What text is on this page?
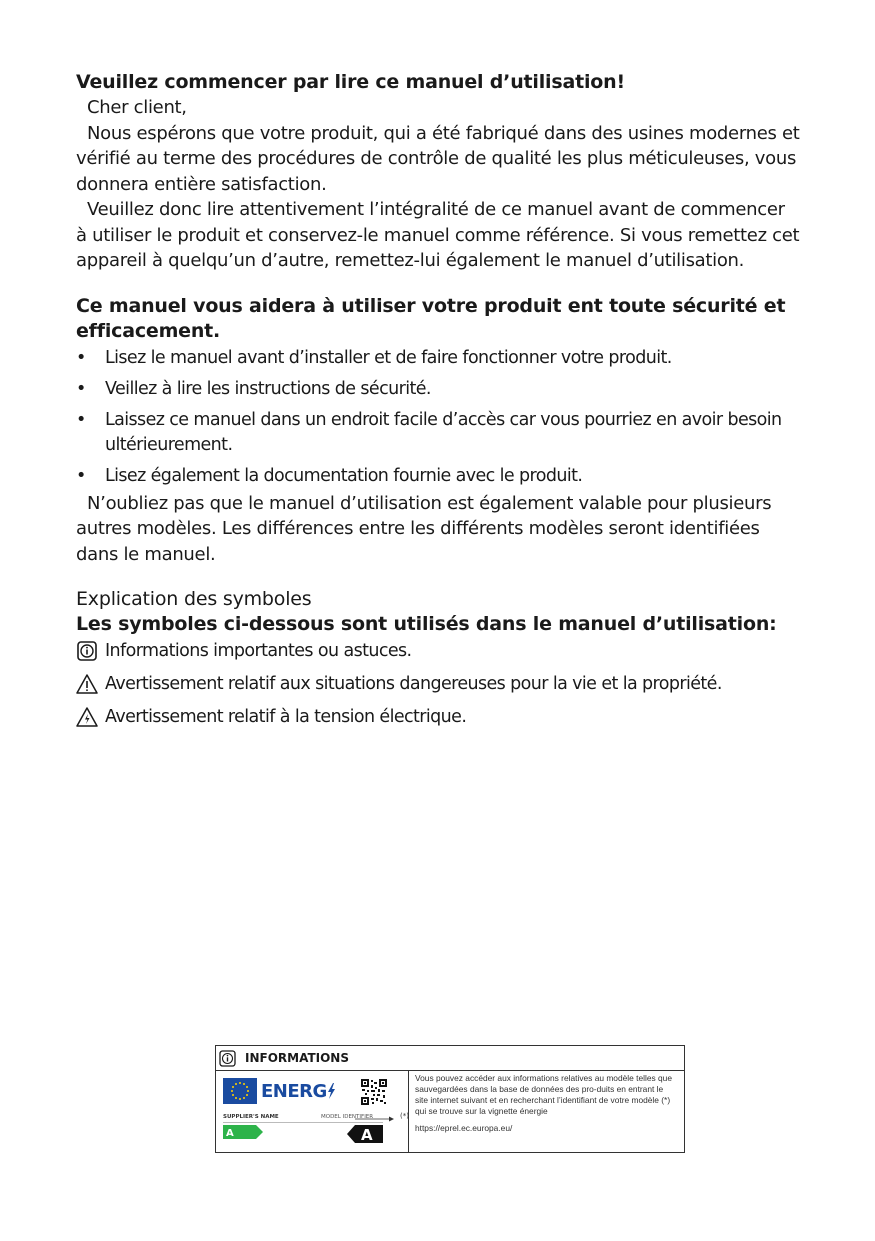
Veuillez commencer par lire ce manuel d’utilisation!

Cher client,

Nous espérons que votre produit, qui a été fabriqué dans des usines modernes et vérifié au terme des procédures de contrôle de qualité les plus méticuleuses, vous donnera entière satisfaction.

Veuillez donc lire attentivement l’intégralité de ce manuel avant de commencer à utiliser le produit et conservez-le manuel comme référence. Si vous remettez cet appareil à quelqu’un d’autre, remettez-lui également le manuel d’utilisation.

Ce manuel vous aidera à utiliser votre produit ent toute sécurité et efficacement.
• Lisez le manuel avant d’installer et de faire fonctionner votre produit.
• Veillez à lire les instructions de sécurité.
• Laissez ce manuel dans un endroit facile d’accès car vous pourriez en avoir besoin ultérieurement.
• Lisez également la documentation fournie avec le produit.

N’oubliez pas que le manuel d’utilisation est également valable pour plusieurs autres modèles. Les différences entre les différents modèles seront identifiées dans le manuel.

Explication des symboles
Les symboles ci-dessous sont utilisés dans le manuel d’utilisation:
Informations importantes ou astuces.
Avertissement relatif aux situations dangereuses pour la vie et la propriété.
Avertissement relatif à la tension électrique.
INFORMATIONS
ENERG
SUPPLIER'S NAME	MODEL IDENTIFIER	(*)
A	A
Vous pouvez accéder aux informations relatives au modèle telles que sauvegardées dans la base de données des pro-duits en entrant le site internet suivant et en recherchant l’identifiant de votre modèle (*) qui se trouve sur la vignette énergie
https://eprel.ec.europa.eu/
